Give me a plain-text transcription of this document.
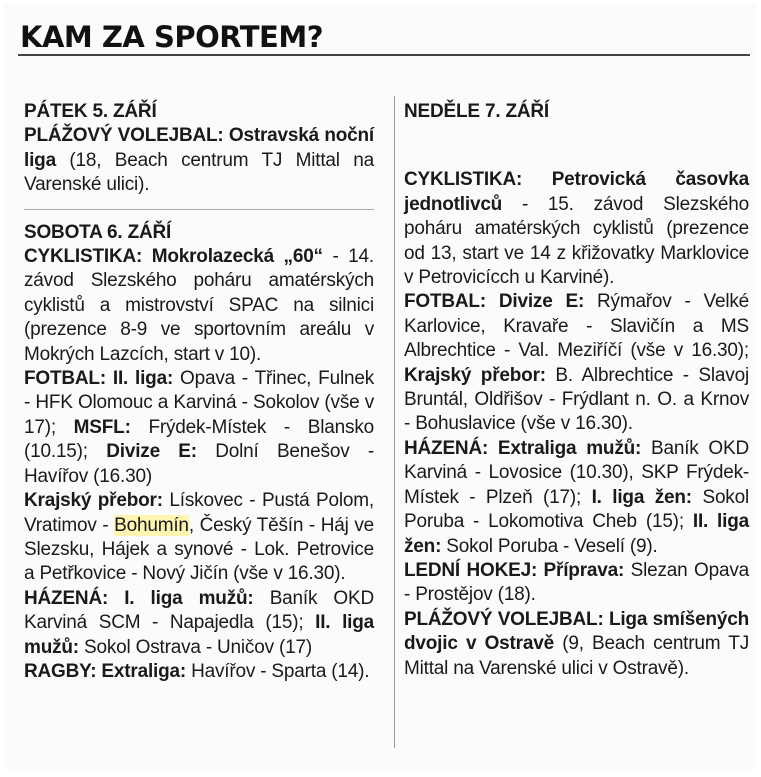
KAM ZA SPORTEM?

PÁTEK 5. ZÁŘÍ

PLÁŽOVÝ VOLEJBAL: Ostravská noční liga (18, Beach centrum TJ Mittal na Varenské ulici).

SOBOTA 6. ZÁŘÍ

CYKLISTIKA: Mokrolazecká „60“ - 14. závod Slezského poháru amatérských cyklistů a mistrovství SPAC na silnici (prezence 8-9 ve sportovním areálu v Mokrých Lazcích, start v 10).

FOTBAL: II. liga: Opava - Třinec, Fulnek - HFK Olomouc a Karviná - Sokolov (vše v 17); MSFL: Frýdek-Místek - Blansko (10.15); Divize E: Dolní Benešov - Havířov (16.30)

Krajský přebor: Lískovec - Pustá Polom, Vratimov - Bohumín, Český Těšín - Háj ve Slezsku, Hájek a synové - Lok. Petrovice a Petřkovice - Nový Jičín (vše v 16.30).

HÁZENÁ: I. liga mužů: Baník OKD Karviná SCM - Napajedla (15); II. liga mužů: Sokol Ostrava - Uničov (17)

RAGBY: Extraliga: Havířov - Sparta (14).

NEDĚLE 7. ZÁŘÍ

CYKLISTIKA: Petrovická časovka jednotlivců - 15. závod Slezského poháru amatérských cyklistů (prezence od 13, start ve 14 z křižovatky Marklovice v Petrovicícch u Karviné).

FOTBAL: Divize E: Rýmařov - Velké Karlovice, Kravaře - Slavičín a MS Albrechtice - Val. Meziříčí (vše v 16.30); Krajský přebor: B. Albrechtice - Slavoj Bruntál, Oldřišov - Frýdlant n. O. a Krnov - Bohuslavice (vše v 16.30).

HÁZENÁ: Extraliga mužů: Baník OKD Karviná - Lovosice (10.30), SKP Frýdek-Místek - Plzeň (17); I. liga žen: Sokol Poruba - Lokomotiva Cheb (15); II. liga žen: Sokol Poruba - Veselí (9).

LEDNÍ HOKEJ: Příprava: Slezan Opava - Prostějov (18).

PLÁŽOVÝ VOLEJBAL: Liga smíšených dvojic v Ostravě (9, Beach centrum TJ Mittal na Varenské ulici v Ostravě).
